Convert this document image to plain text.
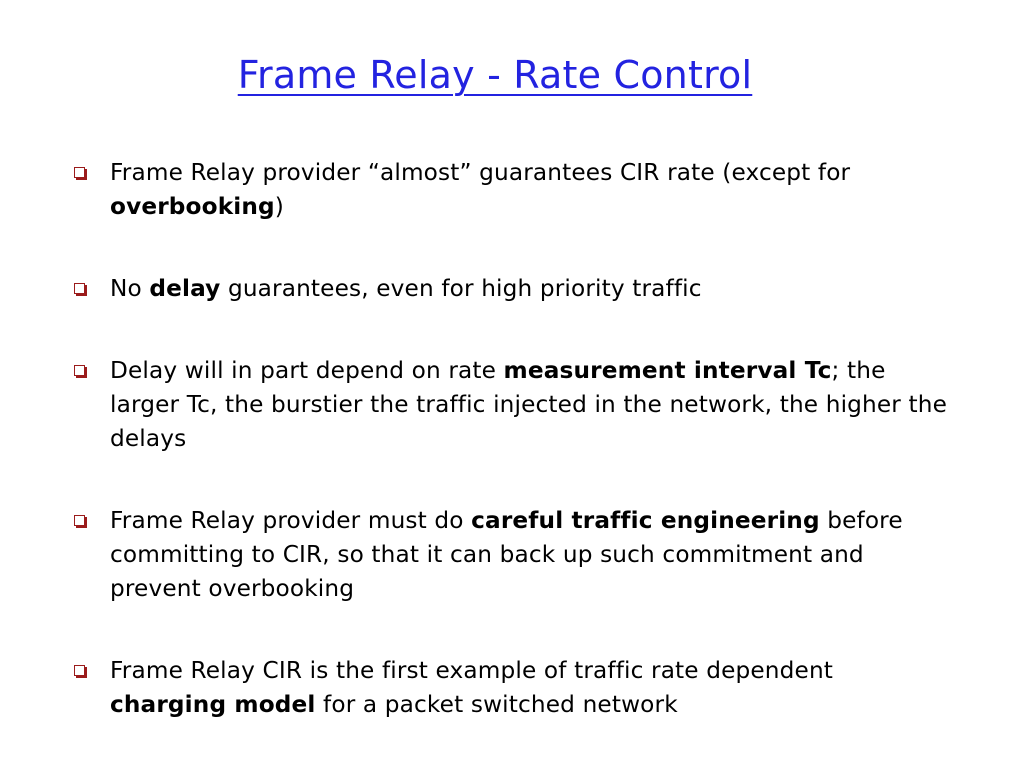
Frame Relay - Rate Control
Frame Relay provider “almost” guarantees CIR rate (except for overbooking)
No delay guarantees, even for high priority traffic
Delay will in part depend on rate measurement interval Tc; the larger Tc, the burstier the traffic injected in the network, the higher the delays
Frame Relay provider must do careful traffic engineering before committing to CIR, so that it can back up such commitment and prevent overbooking
Frame Relay CIR is the first example of traffic rate dependent charging model for a packet switched network
